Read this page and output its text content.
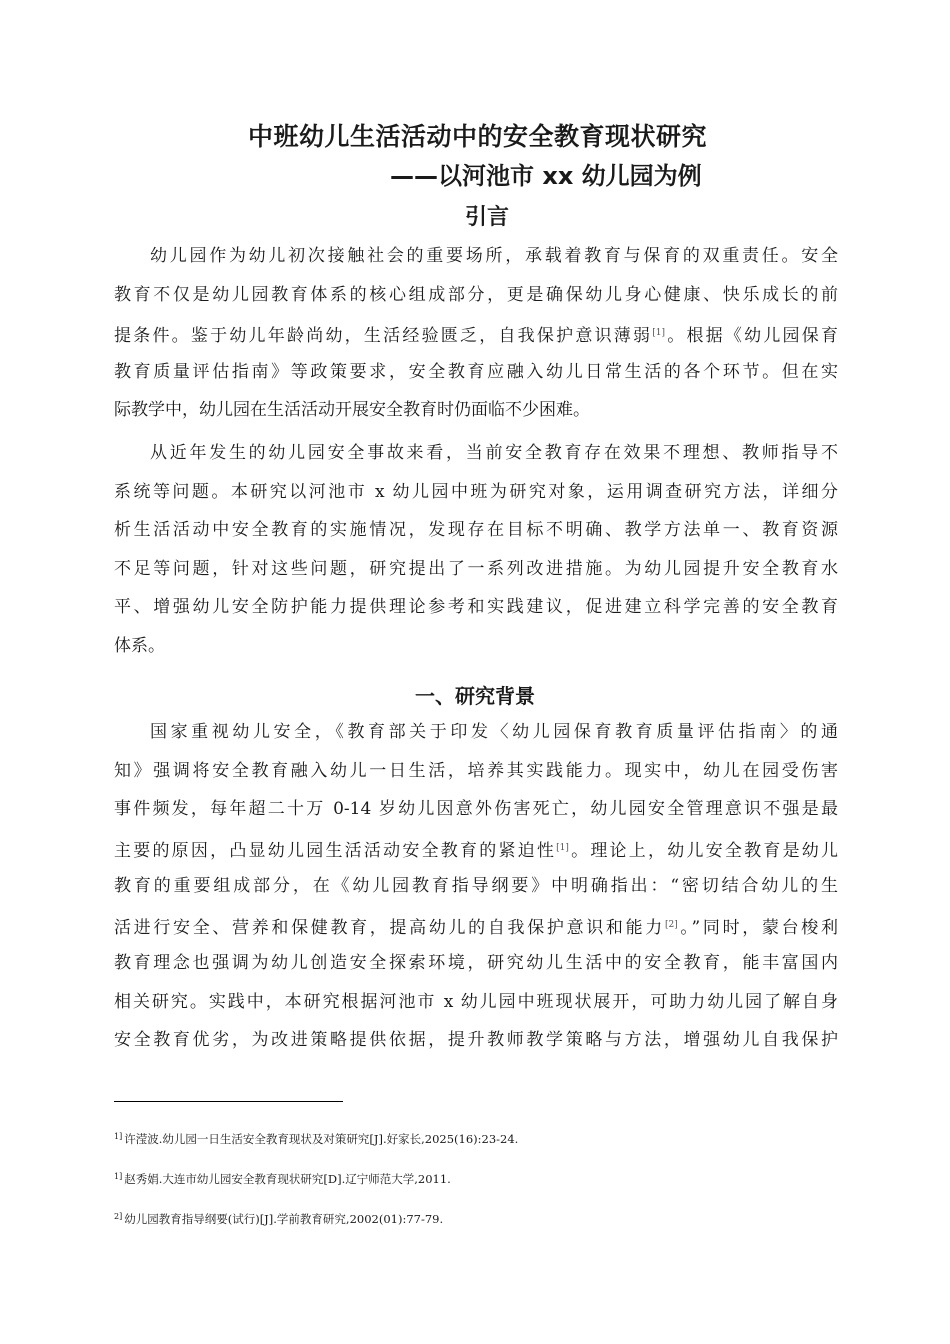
中班幼儿生活活动中的安全教育现状研究
——以河池市 xx 幼儿园为例
引言
幼儿园作为幼儿初次接触社会的重要场所，承载着教育与保育的双重责任。安全
教育不仅是幼儿园教育体系的核心组成部分，更是确保幼儿身心健康、快乐成长的前
提条件。鉴于幼儿年龄尚幼，生活经验匮乏，自我保护意识薄弱[1]。根据《幼儿园保育
教育质量评估指南》等政策要求，安全教育应融入幼儿日常生活的各个环节。但在实
际教学中，幼儿园在生活活动开展安全教育时仍面临不少困难。
从近年发生的幼儿园安全事故来看，当前安全教育存在效果不理想、教师指导不
系统等问题。本研究以河池市 x 幼儿园中班为研究对象，运用调查研究方法，详细分
析生活活动中安全教育的实施情况，发现存在目标不明确、教学方法单一、教育资源
不足等问题，针对这些问题，研究提出了一系列改进措施。为幼儿园提升安全教育水
平、增强幼儿安全防护能力提供理论参考和实践建议，促进建立科学完善的安全教育
体系。
一、研究背景
国家重视幼儿安全，《教育部关于印发〈幼儿园保育教育质量评估指南〉的通
知》强调将安全教育融入幼儿一日生活，培养其实践能力。现实中，幼儿在园受伤害
事件频发，每年超二十万 0-14 岁幼儿因意外伤害死亡，幼儿园安全管理意识不强是最
主要的原因，凸显幼儿园生活活动安全教育的紧迫性[1]。理论上，幼儿安全教育是幼儿
教育的重要组成部分，在《幼儿园教育指导纲要》中明确指出：“密切结合幼儿的生
活进行安全、营养和保健教育，提高幼儿的自我保护意识和能力[2]。”同时，蒙台梭利
教育理念也强调为幼儿创造安全探索环境，研究幼儿生活中的安全教育，能丰富国内
相关研究。实践中，本研究根据河池市 x 幼儿园中班现状展开，可助力幼儿园了解自身
安全教育优劣，为改进策略提供依据，提升教师教学策略与方法，增强幼儿自我保护
$^{1]}$ 许滢波.幼儿园一日生活安全教育现状及对策研究[J].好家长,2025(16):23-24.
$^{1]}$ 赵秀娟.大连市幼儿园安全教育现状研究[D].辽宁师范大学,2011.
$^{2]}$ 幼儿园教育指导纲要(试行)[J].学前教育研究,2002(01):77-79.
